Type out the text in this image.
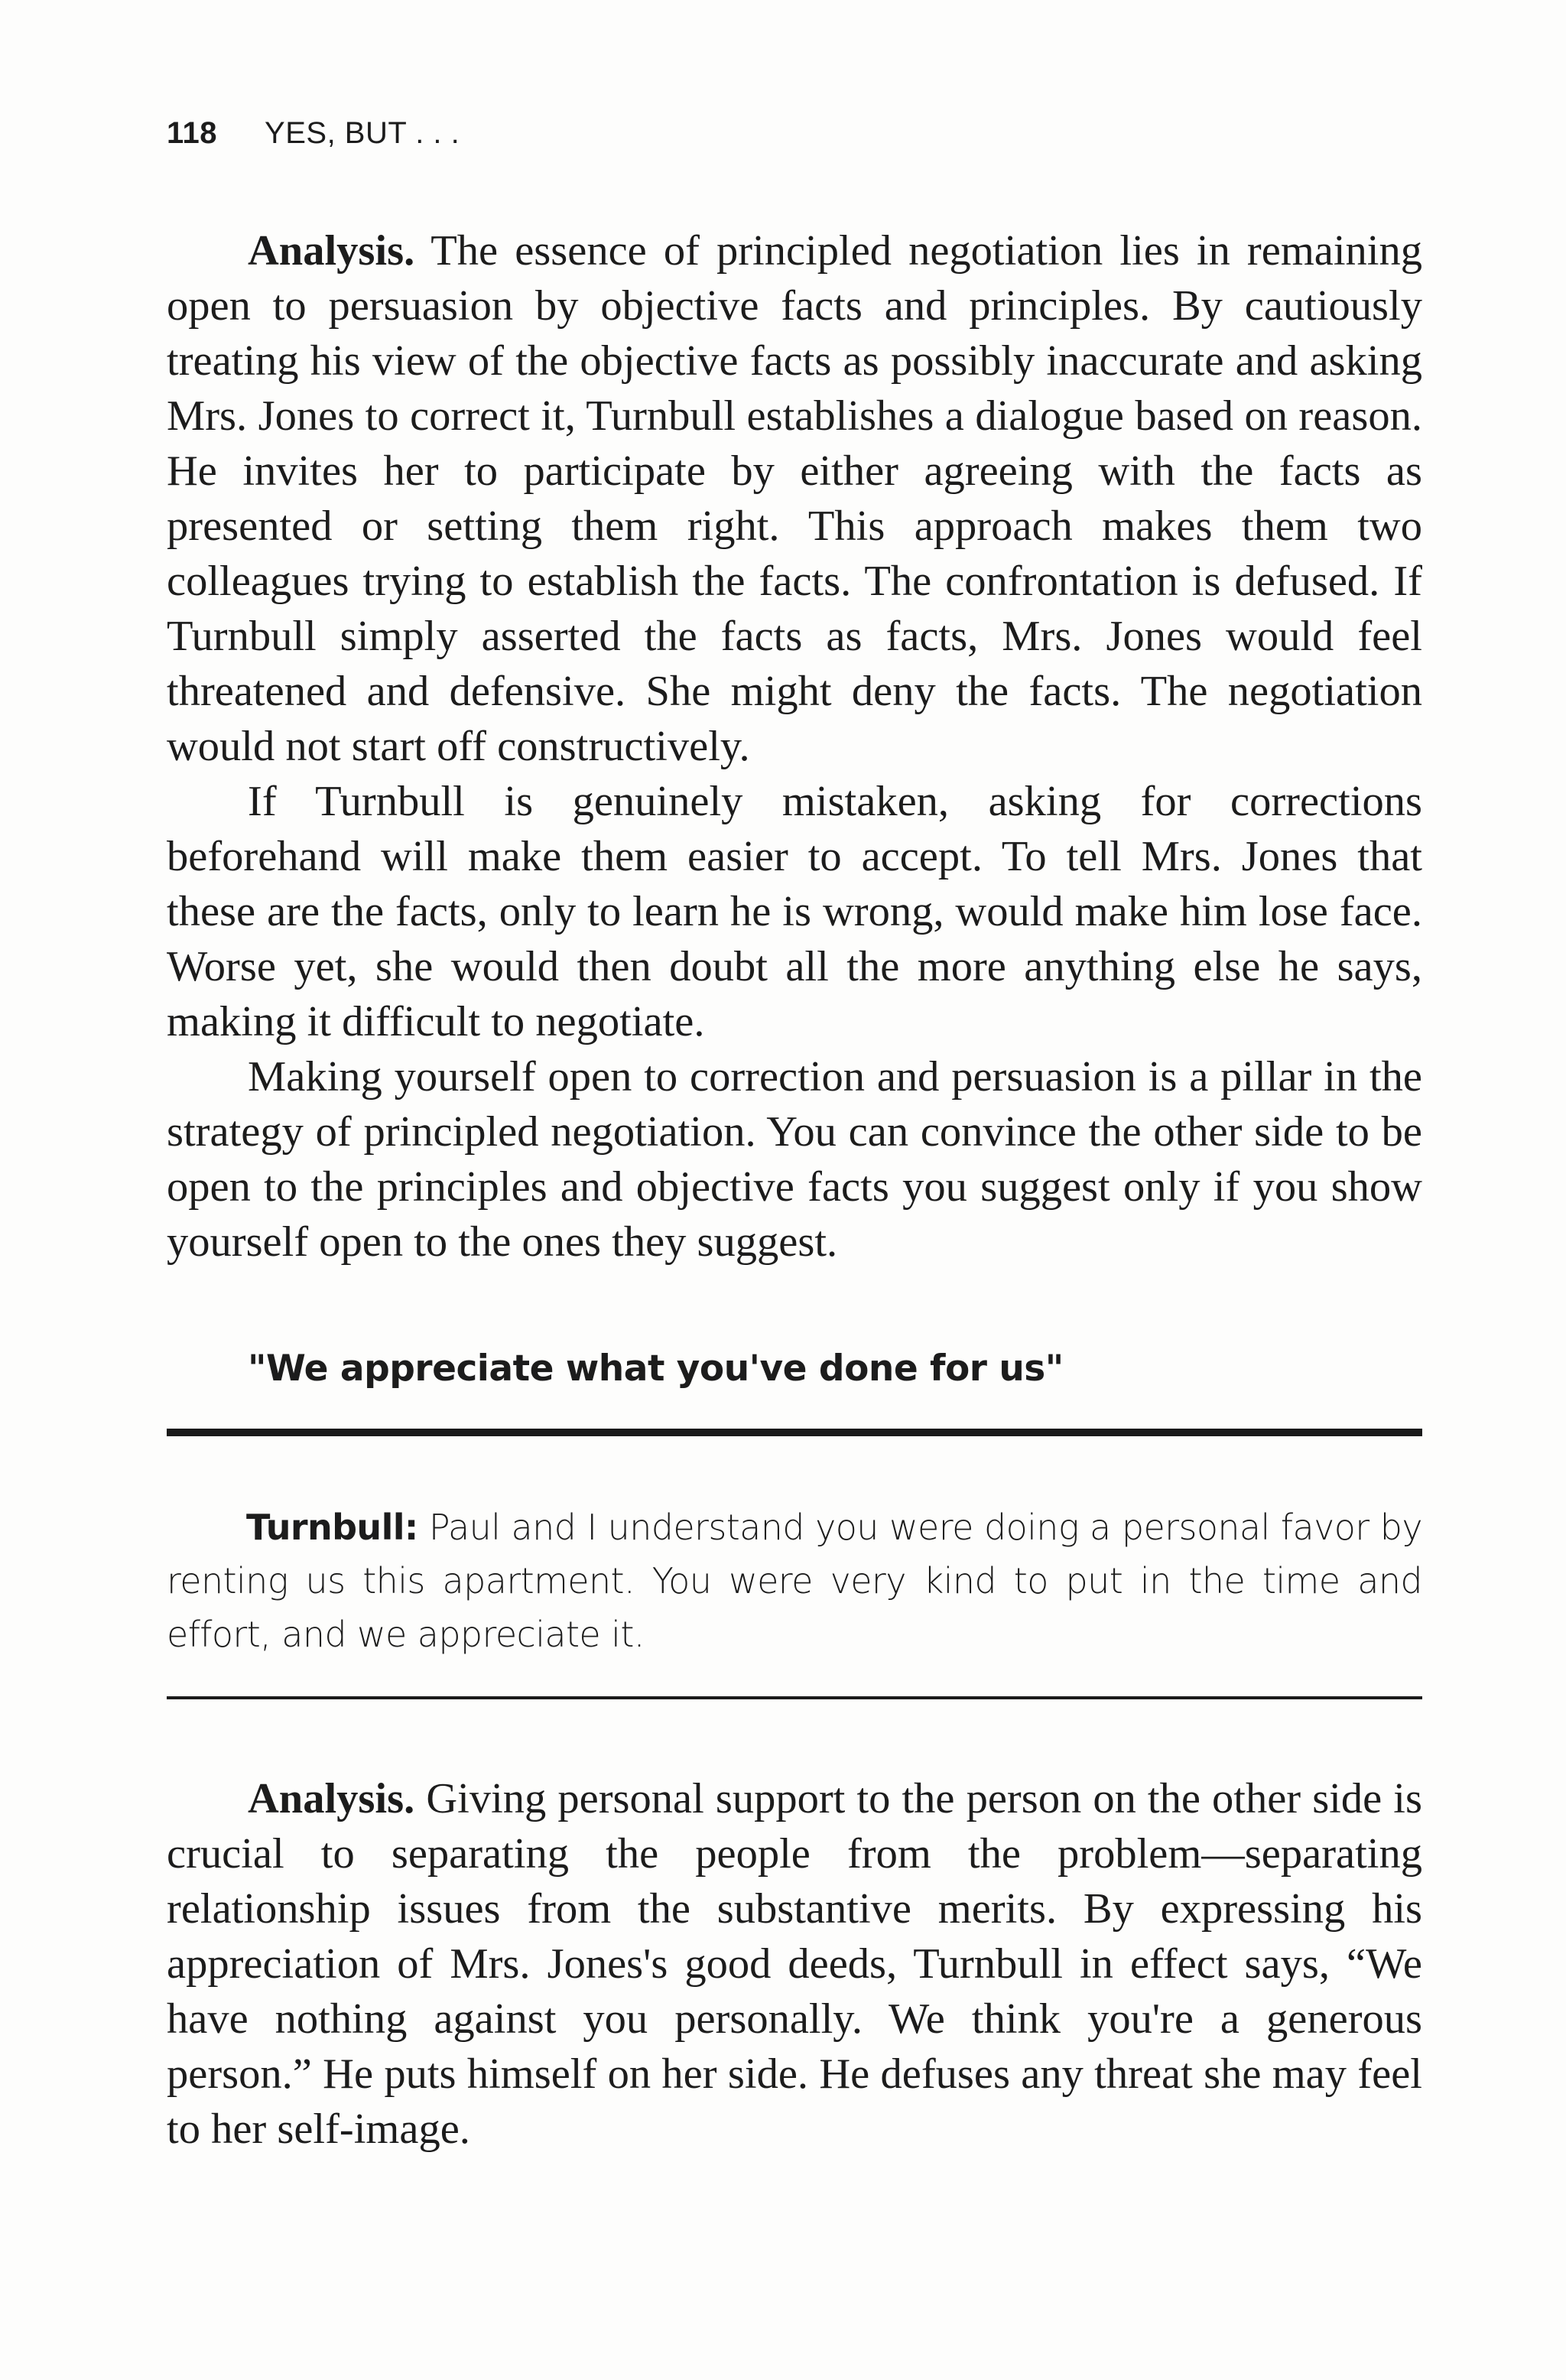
118 YES, BUT . . .

Analysis. The essence of principled negotiation lies in remaining open to persuasion by objective facts and principles. By cautiously treating his view of the objective facts as possibly inaccurate and asking Mrs. Jones to correct it, Turnbull establishes a dialogue based on reason. He invites her to participate by either agreeing with the facts as presented or setting them right. This approach makes them two colleagues trying to establish the facts. The confrontation is defused. If Turnbull simply asserted the facts as facts, Mrs. Jones would feel threatened and defensive. She might deny the facts. The negotiation would not start off constructively.

If Turnbull is genuinely mistaken, asking for corrections beforehand will make them easier to accept. To tell Mrs. Jones that these are the facts, only to learn he is wrong, would make him lose face. Worse yet, she would then doubt all the more anything else he says, making it difficult to negotiate.

Making yourself open to correction and persuasion is a pillar in the strategy of principled negotiation. You can convince the other side to be open to the principles and objective facts you suggest only if you show yourself open to the ones they suggest.

"We appreciate what you've done for us"

Turnbull: Paul and I understand you were doing a personal favor by renting us this apartment. You were very kind to put in the time and effort, and we appreciate it.

Analysis. Giving personal support to the person on the other side is crucial to separating the people from the problem—separating relationship issues from the substantive merits. By expressing his appreciation of Mrs. Jones's good deeds, Turnbull in effect says, “We have nothing against you personally. We think you're a generous person.” He puts himself on her side. He defuses any threat she may feel to her self-image.
